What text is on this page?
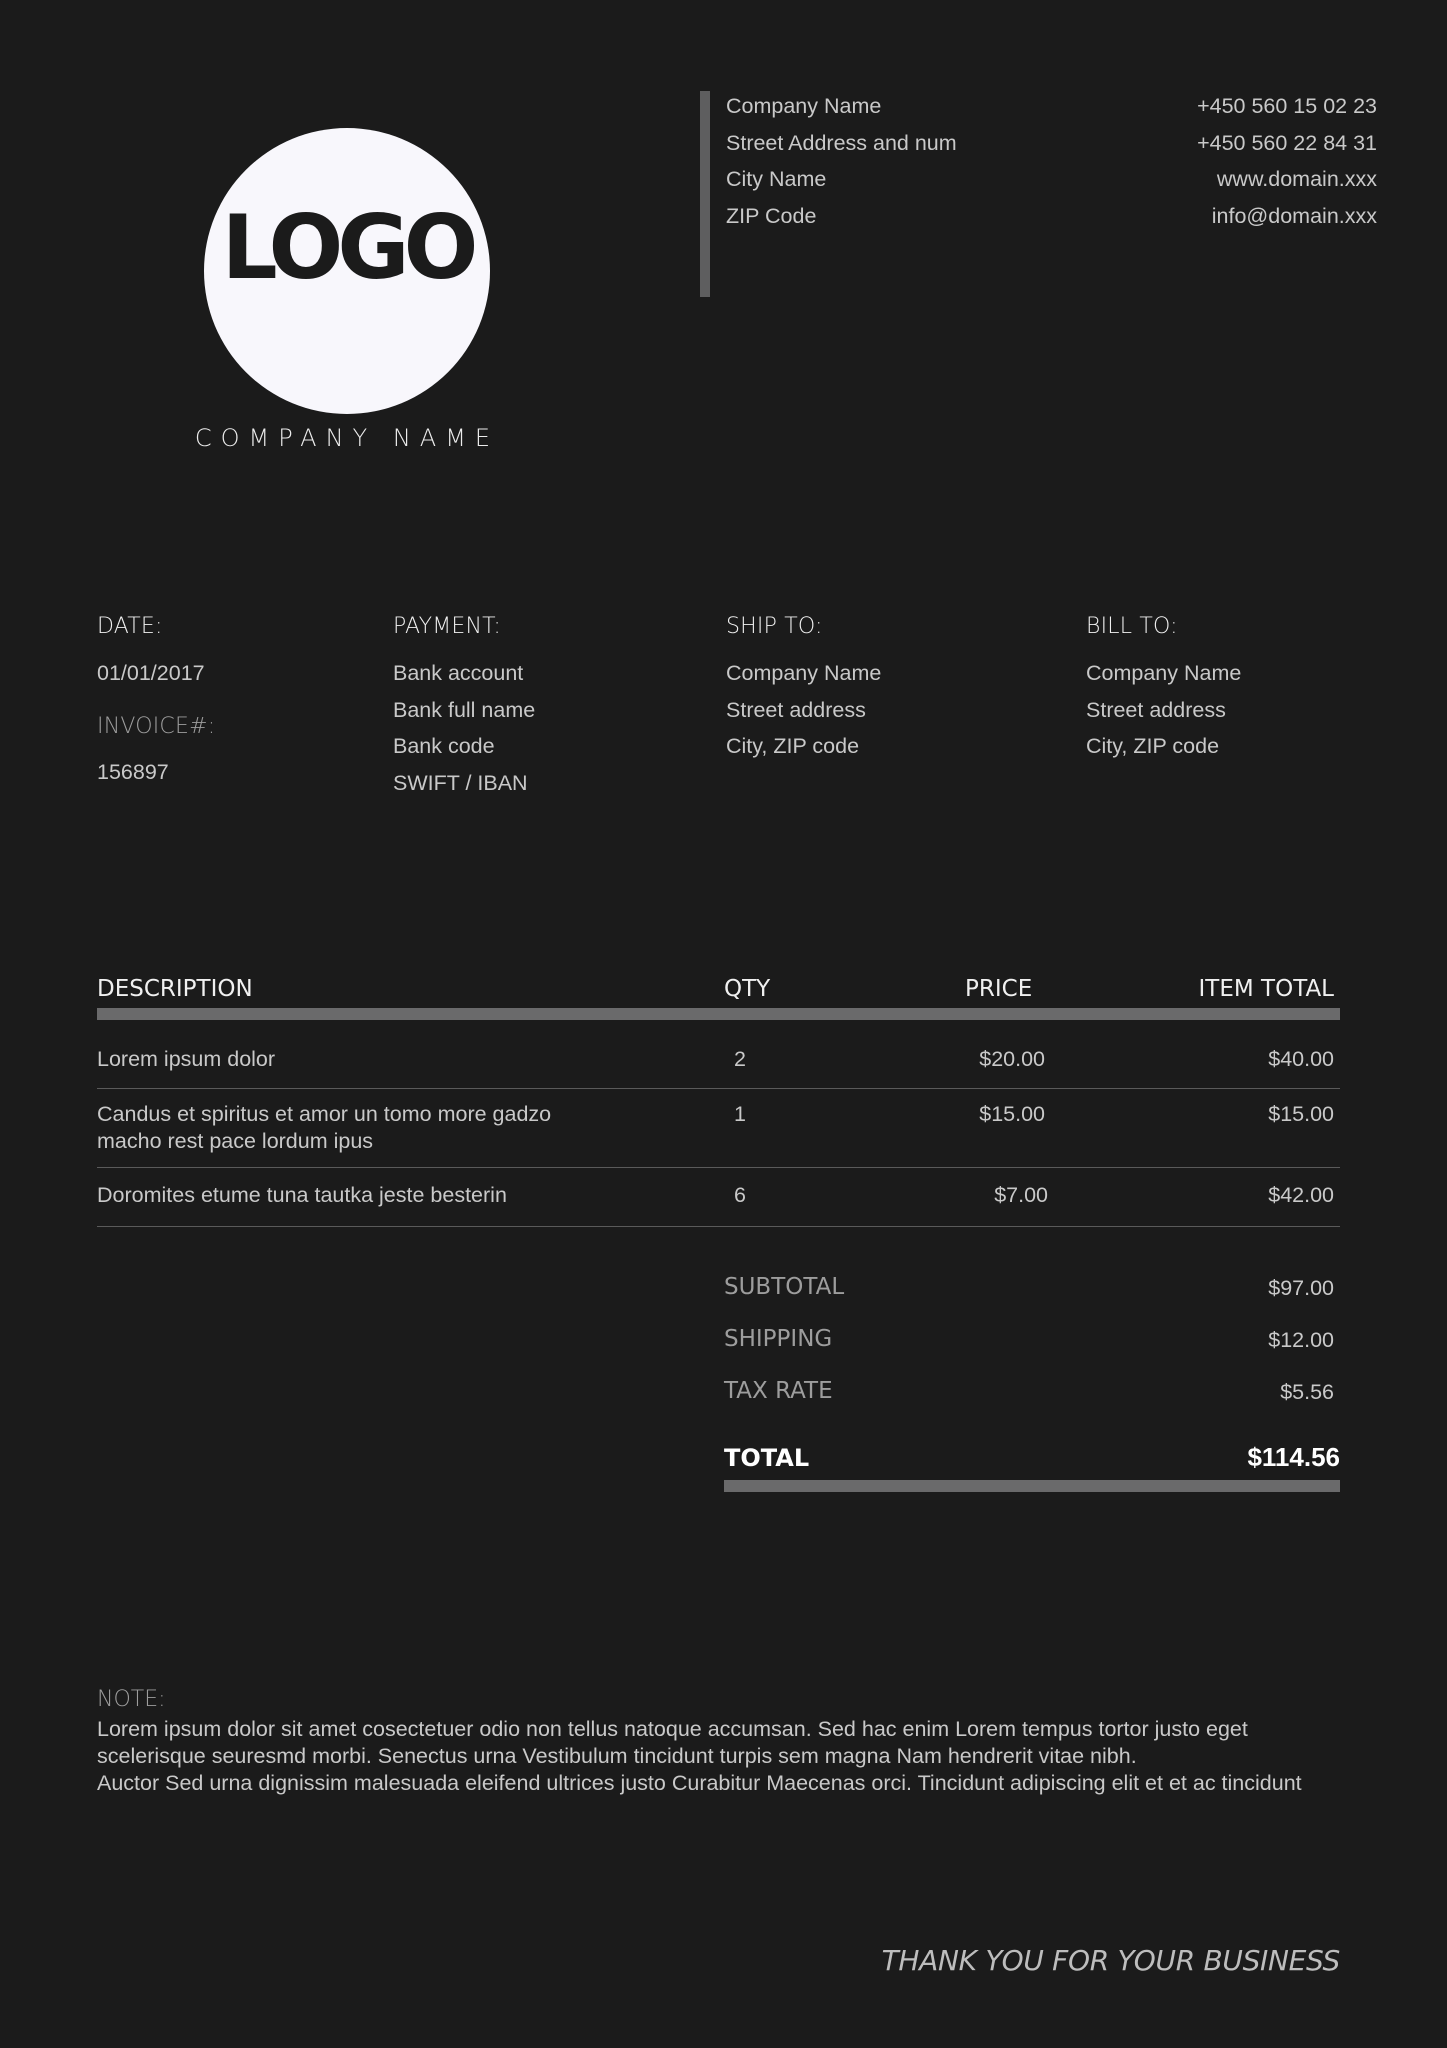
LOGO
COMPANY NAME
Company Name
Street Address and num
City Name
ZIP Code
+450 560 15 02 23
+450 560 22 84 31
www.domain.xxx
info@domain.xxx
DATE:
01/01/2017
INVOICE#:
156897
PAYMENT:
Bank account
Bank full name
Bank code
SWIFT / IBAN
SHIP TO:
Company Name
Street address
City, ZIP code
BILL TO:
Company Name
Street address
City, ZIP code
DESCRIPTION	QTY	PRICE	ITEM TOTAL
Lorem ipsum dolor	2	$20.00	$40.00
Candus et spiritus et amor un tomo more gadzo
macho rest pace lordum ipus
1	$15.00	$15.00
Doromites etume tuna tautka jeste besterin	6	$7.00	$42.00
SUBTOTAL	$97.00
SHIPPING	$12.00
TAX RATE	$5.56
TOTAL	$114.56
NOTE:
Lorem ipsum dolor sit amet cosectetuer odio non tellus natoque accumsan. Sed hac enim Lorem tempus tortor justo eget
scelerisque seuresmd morbi. Senectus urna Vestibulum tincidunt turpis sem magna Nam hendrerit vitae nibh.
Auctor Sed urna dignissim malesuada eleifend ultrices justo Curabitur Maecenas orci. Tincidunt adipiscing elit et et ac tincidunt
THANK YOU FOR YOUR BUSINESS
